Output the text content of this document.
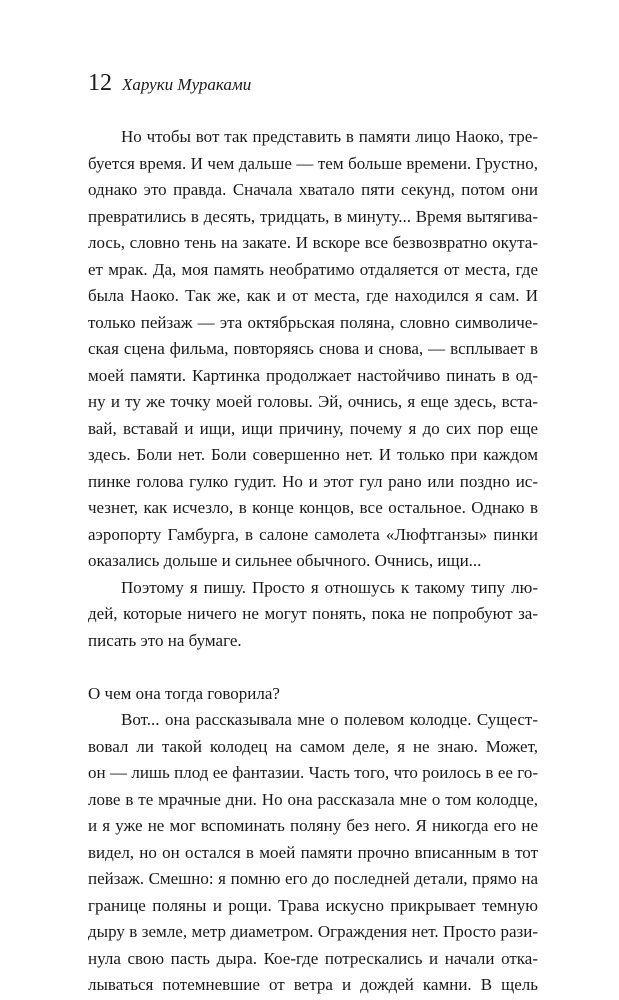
12 Харуки Мураками
Но чтобы вот так представить в памяти лицо Наоко, тре-
буется время. И чем дальше — тем больше времени. Грустно,
однако это правда. Сначала хватало пяти секунд, потом они
превратились в десять, тридцать, в минуту... Время вытягива-
лось, словно тень на закате. И вскоре все безвозвратно окута-
ет мрак. Да, моя память необратимо отдаляется от места, где
была Наоко. Так же, как и от места, где находился я сам. И
только пейзаж — эта октябрьская поляна, словно символиче-
ская сцена фильма, повторяясь снова и снова, — всплывает в
моей памяти. Картинка продолжает настойчиво пинать в од-
ну и ту же точку моей головы. Эй, очнись, я еще здесь, вста-
вай, вставай и ищи, ищи причину, почему я до сих пор еще
здесь. Боли нет. Боли совершенно нет. И только при каждом
пинке голова гулко гудит. Но и этот гул рано или поздно ис-
чезнет, как исчезло, в конце концов, все остальное. Однако в
аэропорту Гамбурга, в салоне самолета «Люфтганзы» пинки
оказались дольше и сильнее обычного. Очнись, ищи...
Поэтому я пишу. Просто я отношусь к такому типу лю-
дей, которые ничего не могут понять, пока не попробуют за-
писать это на бумаге.
О чем она тогда говорила?
Вот... она рассказывала мне о полевом колодце. Сущест-
вовал ли такой колодец на самом деле, я не знаю. Может,
он — лишь плод ее фантазии. Часть того, что роилось в ее го-
лове в те мрачные дни. Но она рассказала мне о том колодце,
и я уже не мог вспоминать поляну без него. Я никогда его не
видел, но он остался в моей памяти прочно вписанным в тот
пейзаж. Смешно: я помню его до последней детали, прямо на
границе поляны и рощи. Трава искусно прикрывает темную
дыру в земле, метр диаметром. Ограждения нет. Просто рази-
нула свою пасть дыра. Кое-где потрескались и начали отка-
лываться потемневшие от ветра и дождей камни. В щель
